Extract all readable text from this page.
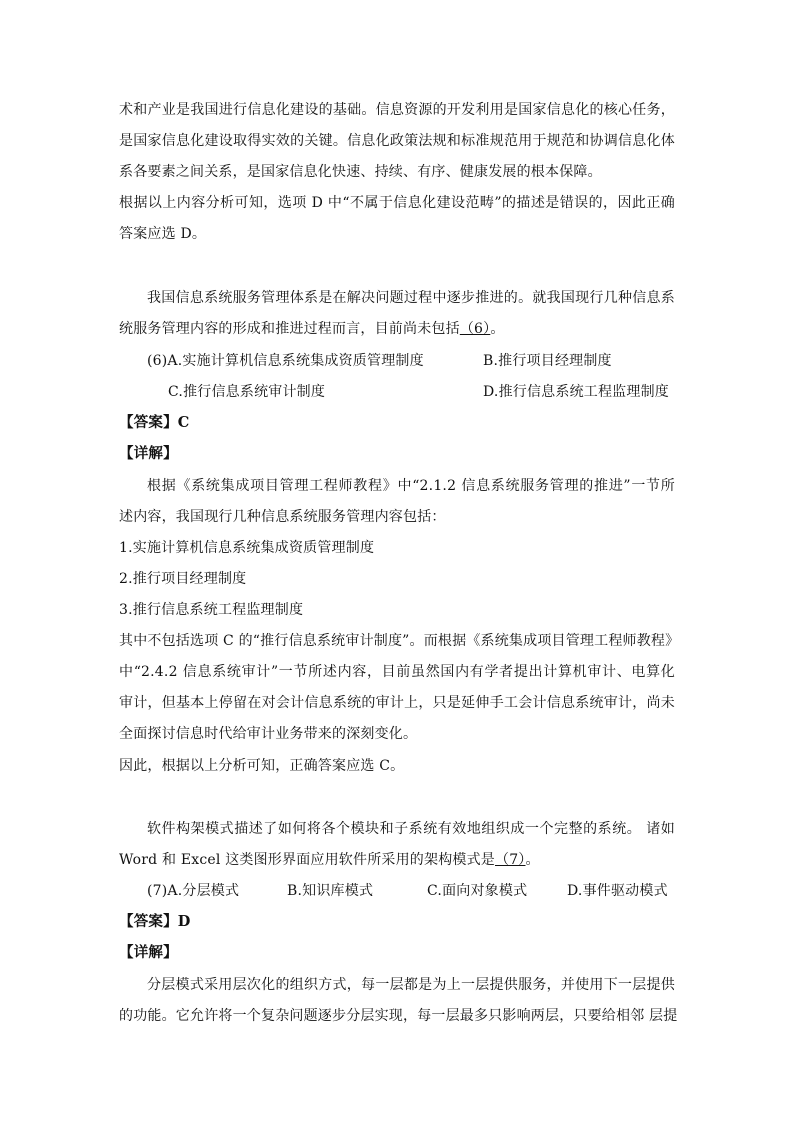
术和产业是我国进行信息化建设的基础。信息资源的开发利用是国家信息化的核心任务，
是国家信息化建设取得实效的关键。信息化政策法规和标准规范用于规范和协调信息化体
系各要素之间关系，是国家信息化快速、持续、有序、健康发展的根本保障。
根据以上内容分析可知，选项 D 中“不属于信息化建设范畴”的描述是错误的，因此正确
答案应选 D。
我国信息系统服务管理体系是在解决问题过程中逐步推进的。就我国现行几种信息系
统服务管理内容的形成和推进过程而言，目前尚未包括（6）。
(6)A.实施计算机信息系统集成资质管理制度	B.推行项目经理制度
C.推行信息系统审计制度	D.推行信息系统工程监理制度
【答案】C
【详解】
根据《系统集成项目管理工程师教程》中“2.1.2 信息系统服务管理的推进”一节所
述内容，我国现行几种信息系统服务管理内容包括：
1.实施计算机信息系统集成资质管理制度
2.推行项目经理制度
3.推行信息系统工程监理制度
其中不包括选项 C 的“推行信息系统审计制度”。而根据《系统集成项目管理工程师教程》
中“2.4.2 信息系统审计”一节所述内容，目前虽然国内有学者提出计算机审计、电算化
审计，但基本上停留在对会计信息系统的审计上，只是延伸手工会计信息系统审计，尚未
全面探讨信息时代给审计业务带来的深刻变化。
因此，根据以上分析可知，正确答案应选 C。
软件构架模式描述了如何将各个模块和子系统有效地组织成一个完整的系统。 诸如
Word 和 Excel 这类图形界面应用软件所采用的架构模式是（7）。
(7)A.分层模式	B.知识库模式	C.面向对象模式	D.事件驱动模式
【答案】D
【详解】
分层模式采用层次化的组织方式，每一层都是为上一层提供服务，并使用下一层提供
的功能。它允许将一个复杂问题逐步分层实现，每一层最多只影响两层，只要给相邻 层提
